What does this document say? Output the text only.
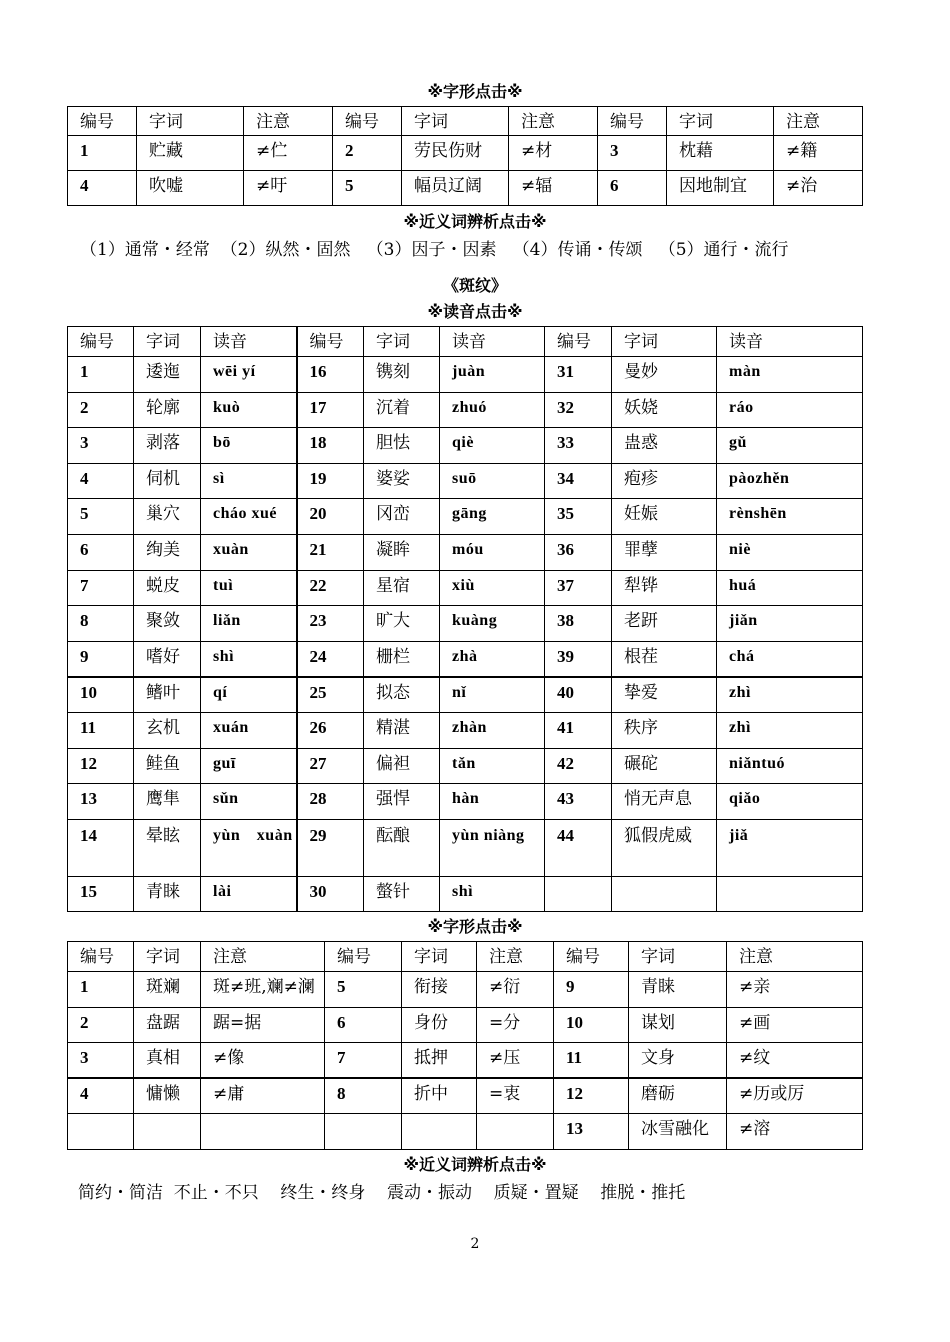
※字形点击※
编号	字词	注意	编号	字词	注意	编号	字词	注意
1	贮藏	≠伫	2	劳民伤财	≠材	3	枕藉	≠籍
4	吹嘘	≠吁	5	幅员辽阔	≠辐	6	因地制宜	≠治
※近义词辨析点击※
（1）通常・经常  （2）纵然・固然   （3）因子・因素   （4）传诵・传颂   （5）通行・流行
《斑纹》
※读音点击※
编号	字词	读音	编号	字词	读音	编号	字词	读音
1	逶迤	wēi yí	16	镌刻	juàn	31	曼妙	màn
2	轮廓	kuò	17	沉着	zhuó	32	妖娆	ráo
3	剥落	bō	18	胆怯	qiè	33	蛊惑	gǔ
4	伺机	sì	19	婆娑	suō	34	疱疹	pàozhěn
5	巢穴	cháo xué	20	冈峦	gāng	35	妊娠	rènshēn
6	绚美	xuàn	21	凝眸	móu	36	罪孽	niè
7	蜕皮	tuì	22	星宿	xiù	37	犁铧	huá
8	聚敛	liǎn	23	旷大	kuàng	38	老趼	jiǎn
9	嗜好	shì	24	栅栏	zhà	39	根茬	chá
10	鳍叶	qí	25	拟态	nǐ	40	挚爱	zhì
11	玄机	xuán	26	精湛	zhàn	41	秩序	zhì
12	鲑鱼	guī	27	偏袒	tǎn	42	碾砣	niǎntuó
13	鹰隼	sǔn	28	强悍	hàn	43	悄无声息	qiǎo
14	晕眩	yùn　xuàn	29	酝酿	yùn niàng	44	狐假虎威	jiǎ
15	青睐	lài	30	螫针	shì			
※字形点击※
编号	字词	注意	编号	字词	注意	编号	字词	注意
1	斑斓	斑≠班,斓≠澜	5	衔接	≠衍	9	青睐	≠亲
2	盘踞	踞=据	6	身份	=分	10	谋划	≠画
3	真相	≠像	7	抵押	≠压	11	文身	≠纹
4	慵懒	≠庸	8	折中	=衷	12	磨砺	≠历或厉
						13	冰雪融化	≠溶
※近义词辨析点击※
简约・简洁  不止・不只    终生・终身    震动・振动    质疑・置疑    推脱・推托
2
